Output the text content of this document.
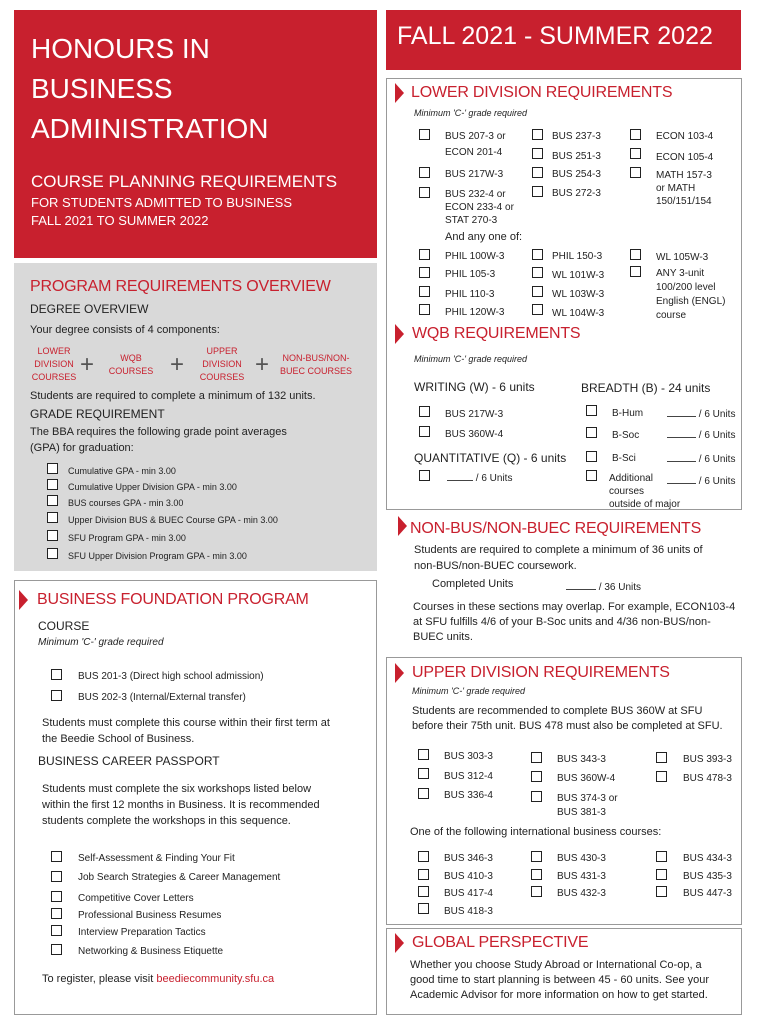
HONOURS IN
BUSINESS
ADMINISTRATION
COURSE PLANNING REQUIREMENTS
FOR STUDENTS ADMITTED TO BUSINESS
FALL 2021 TO SUMMER 2022
FALL 2021 - SUMMER 2022
PROGRAM REQUIREMENTS OVERVIEW
DEGREE OVERVIEW
Your degree consists of 4 components:
LOWER
DIVISION
COURSES +	WQB
COURSES +	UPPER
DIVISION
COURSES +	NON-BUS/NON-
BUEC COURSES
Students are required to complete a minimum of 132 units.
GRADE REQUIREMENT
The BBA requires the following grade point averages
(GPA) for graduation:
Cumulative GPA - min 3.00
Cumulative Upper Division GPA - min 3.00
BUS courses GPA - min 3.00
Upper Division BUS & BUEC Course GPA - min 3.00
SFU Program GPA - min 3.00
SFU Upper Division Program GPA - min 3.00
BUSINESS FOUNDATION PROGRAM
COURSE
Minimum 'C-' grade required
BUS 201-3 (Direct high school admission)
BUS 202-3 (Internal/External transfer)
Students must complete this course within their first term at
the Beedie School of Business.
BUSINESS CAREER PASSPORT
Students must complete the six workshops listed below
within the first 12 months in Business. It is recommended
students complete the workshops in this sequence.
Self-Assessment & Finding Your Fit
Job Search Strategies & Career Management
Competitive Cover Letters
Professional Business Resumes
Interview Preparation Tactics
Networking & Business Etiquette
To register, please visit beediecommunity.sfu.ca
LOWER DIVISION REQUIREMENTS
Minimum 'C-' grade required
BUS 207-3 or
ECON 201-4
BUS 217W-3
BUS 232-4 or
ECON 233-4 or
STAT 270-3
BUS 237-3
BUS 251-3
BUS 254-3
BUS 272-3
ECON 103-4
ECON 105-4
MATH 157-3
or MATH
150/151/154
And any one of:
PHIL 100W-3
PHIL 105-3
PHIL 110-3
PHIL 120W-3
PHIL 150-3
WL 101W-3
WL 103W-3
WL 104W-3
WL 105W-3
ANY 3-unit
100/200 level
English (ENGL)
course
WQB REQUIREMENTS
Minimum 'C-' grade required
WRITING (W) - 6 units
BUS 217W-3
BUS 360W-4
QUANTITATIVE (Q) - 6 units
/ 6 Units
BREADTH (B) - 24 units
B-Hum	/ 6 Units
B-Soc	/ 6 Units
B-Sci	/ 6 Units
Additional
courses
outside of major
/ 6 Units
NON-BUS/NON-BUEC REQUIREMENTS
Students are required to complete a minimum of 36 units of
non-BUS/non-BUEC coursework.
Completed Units	/ 36 Units
Courses in these sections may overlap. For example, ECON103-4
at SFU fulfills 4/6 of your B-Soc units and 4/36 non-BUS/non-
BUEC units.
UPPER DIVISION REQUIREMENTS
Minimum 'C-' grade required
Students are recommended to complete BUS 360W at SFU
before their 75th unit. BUS 478 must also be completed at SFU.
BUS 303-3
BUS 312-4
BUS 336-4
BUS 343-3
BUS 360W-4
BUS 374-3 or
BUS 381-3
BUS 393-3
BUS 478-3
One of the following international business courses:
BUS 346-3
BUS 410-3
BUS 417-4
BUS 418-3
BUS 430-3
BUS 431-3
BUS 432-3
BUS 434-3
BUS 435-3
BUS 447-3
GLOBAL PERSPECTIVE
Whether you choose Study Abroad or International Co-op, a
good time to start planning is between 45 - 60 units. See your
Academic Advisor for more information on how to get started.
